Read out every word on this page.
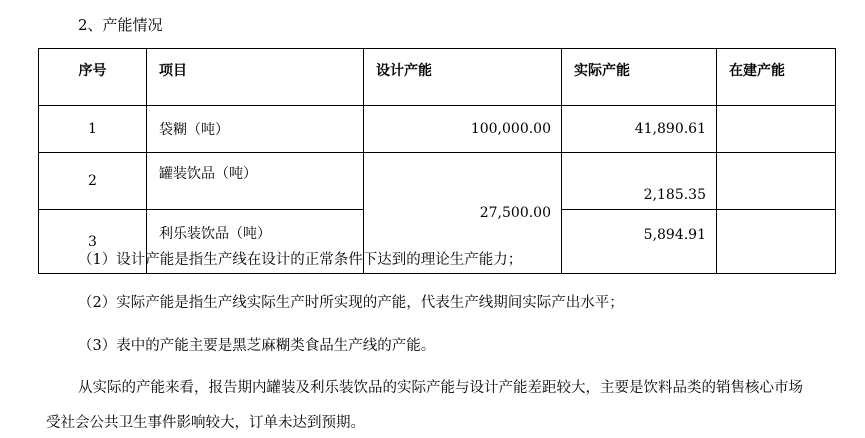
2、产能情况
序号	项目	设计产能	实际产能	在建产能
1	袋糊（吨）	100,000.00	41,890.61	
2	罐装饮品（吨）	27,500.00	2,185.35	
3	利乐装饮品（吨）		5,894.91	
（1）设计产能是指生产线在设计的正常条件下达到的理论生产能力；
（2）实际产能是指生产线实际生产时所实现的产能，代表生产线期间实际产出水平；
（3）表中的产能主要是黑芝麻糊类食品生产线的产能。
从实际的产能来看，报告期内罐装及利乐装饮品的实际产能与设计产能差距较大，主要是饮料品类的销售核心市场
受社会公共卫生事件影响较大，订单未达到预期。
